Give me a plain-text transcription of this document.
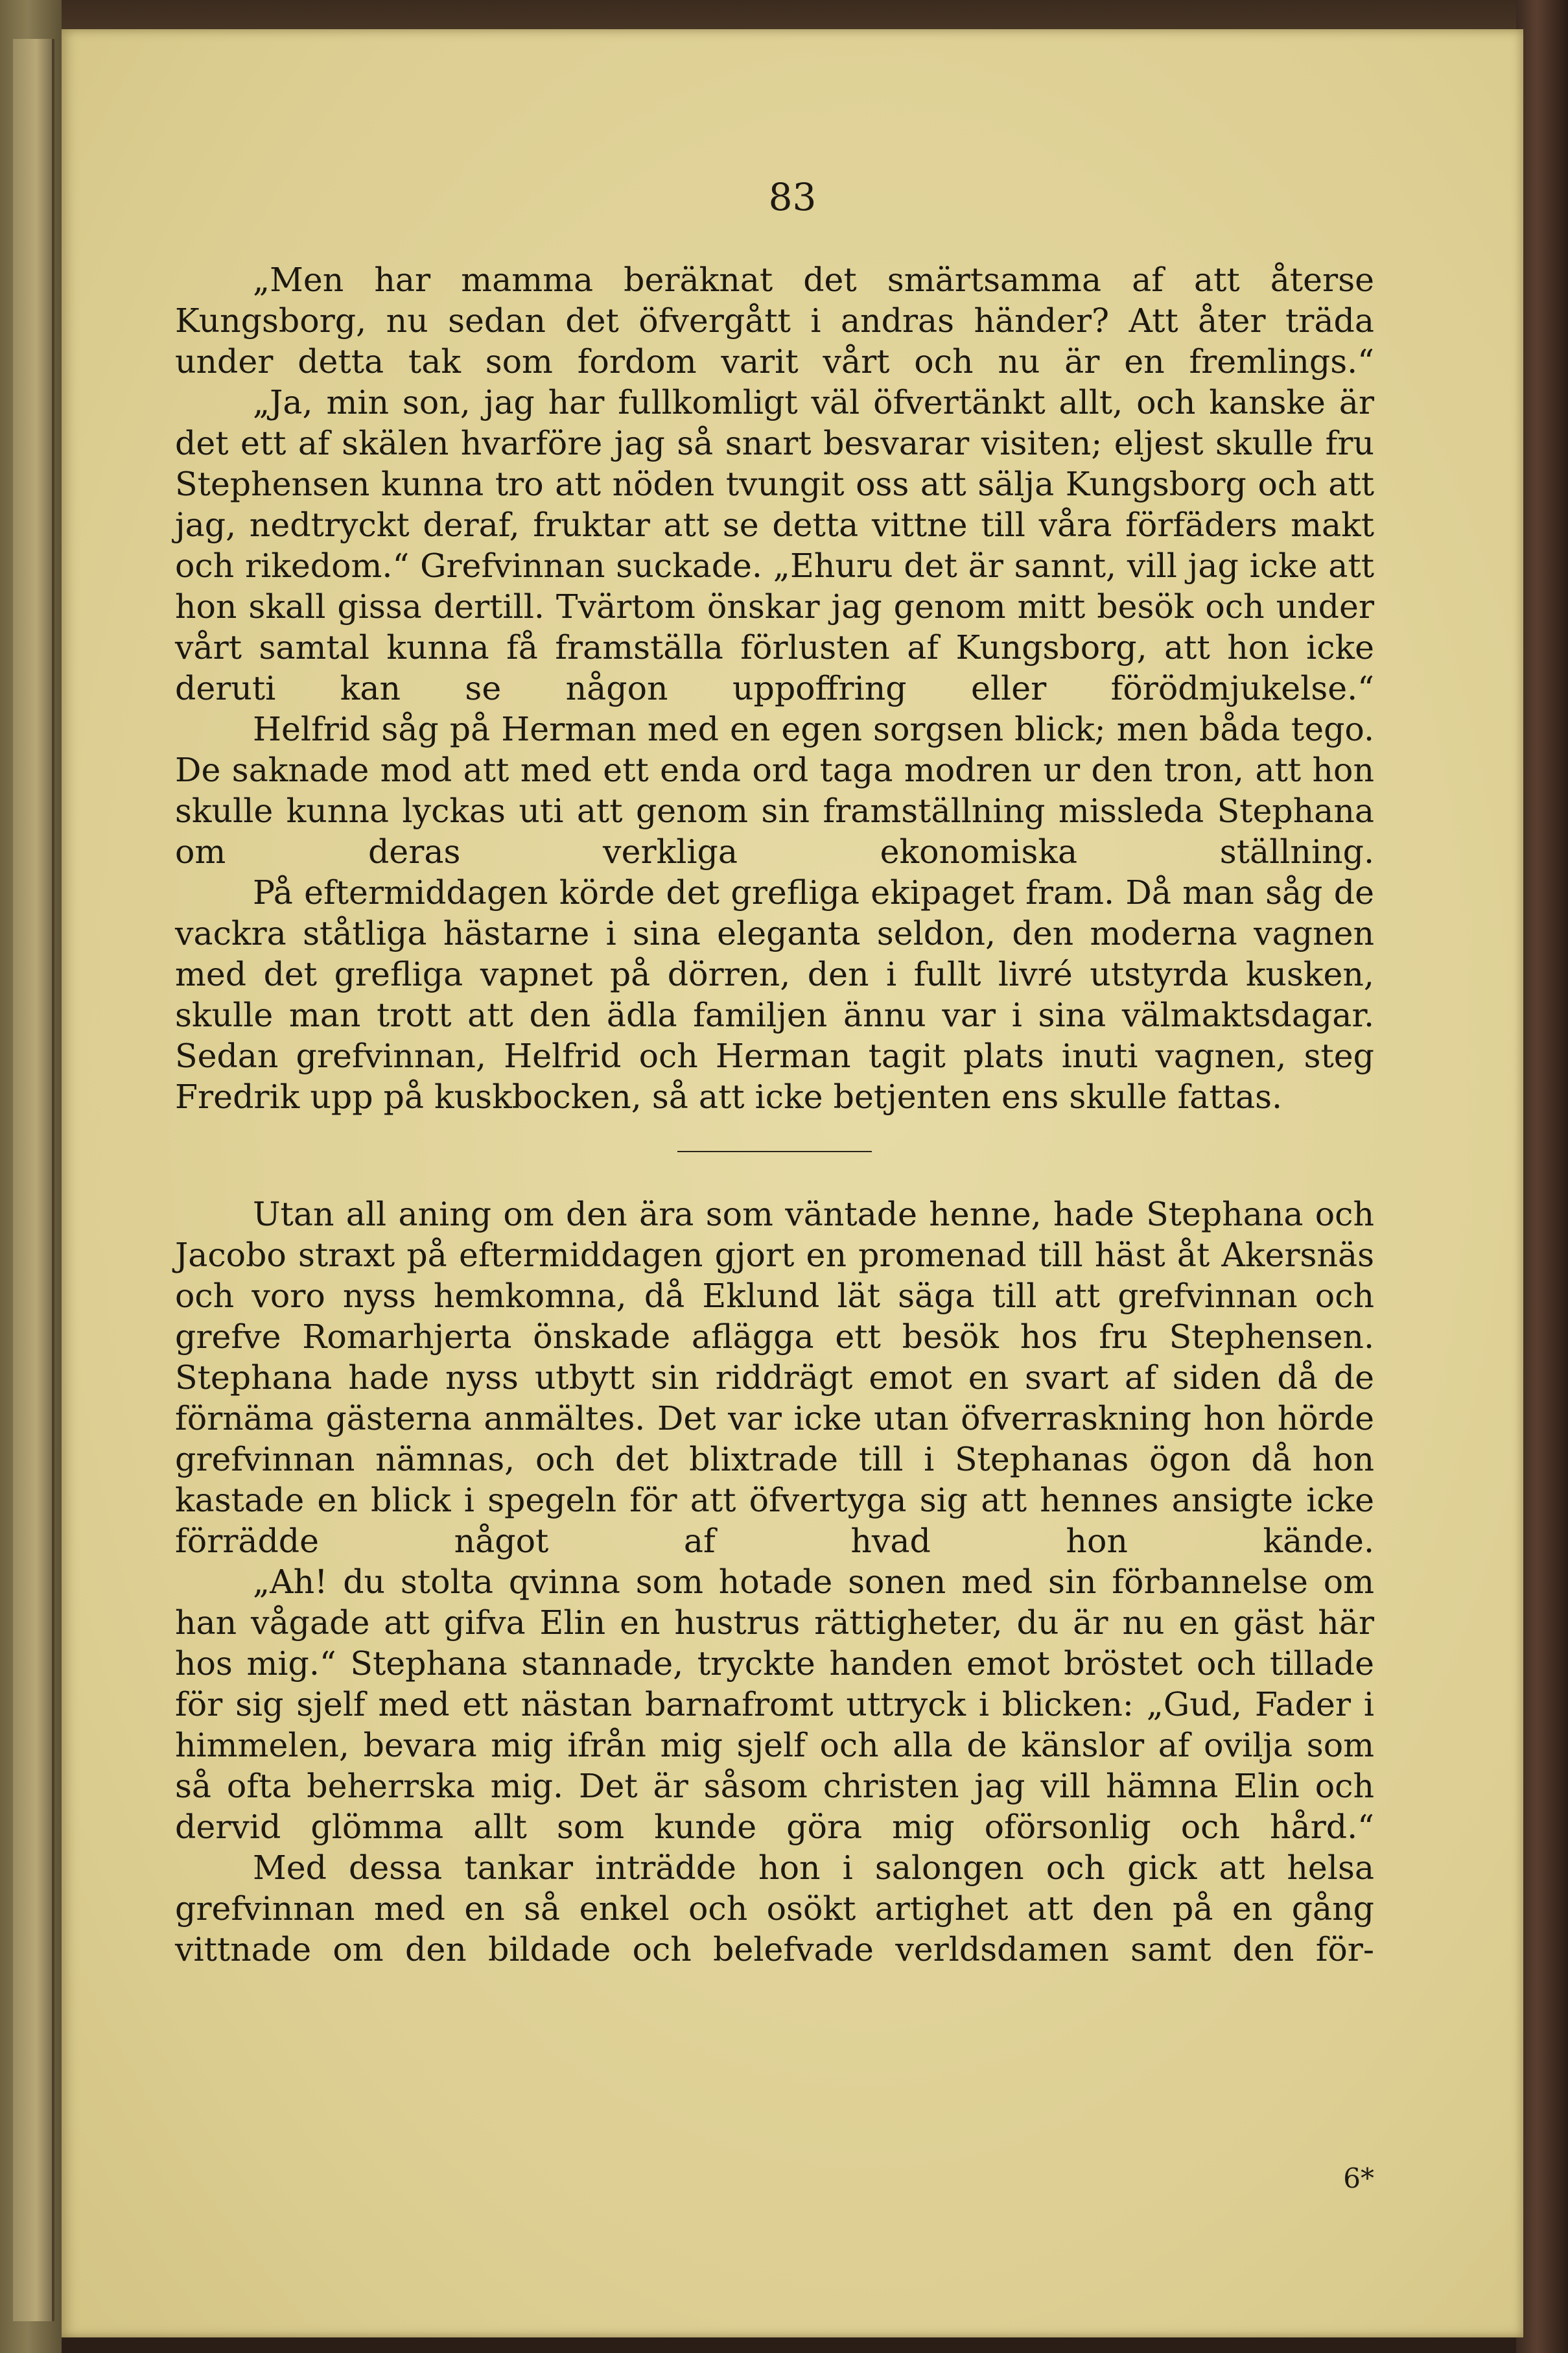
83

„Men har mamma beräknat det smärtsamma af att återse Kungsborg, nu sedan det öfvergått i andras händer? Att åter träda under detta tak som fordom varit vårt och nu är en fremlings.“

„Ja, min son, jag har fullkomligt väl öfvertänkt allt, och kanske är det ett af skälen hvarföre jag så snart besvarar visiten; eljest skulle fru Stephensen kunna tro att nöden tvungit oss att sälja Kungsborg och att jag, nedtryckt deraf, fruktar att se detta vittne till våra förfäders makt och rikedom.“ Grefvinnan suckade. „Ehuru det är sannt, vill jag icke att hon skall gissa dertill. Tvärtom önskar jag genom mitt besök och under vårt samtal kunna få framställa förlusten af Kungsborg, att hon icke deruti kan se någon uppoffring eller förödmjukelse.“

Helfrid såg på Herman med en egen sorgsen blick; men båda tego. De saknade mod att med ett enda ord taga modren ur den tron, att hon skulle kunna lyckas uti att genom sin framställning missleda Stephana om deras verkliga ekonomiska ställning.

På eftermiddagen körde det grefliga ekipaget fram. Då man såg de vackra ståtliga hästarne i sina eleganta seldon, den moderna vagnen med det grefliga vapnet på dörren, den i fullt livré utstyrda kusken, skulle man trott att den ädla familjen ännu var i sina välmaktsdagar. Sedan grefvinnan, Helfrid och Herman tagit plats inuti vagnen, steg Fredrik upp på kuskbocken, så att icke betjenten ens skulle fattas.

Utan all aning om den ära som väntade henne, hade Stephana och Jacobo straxt på eftermiddagen gjort en promenad till häst åt Akersnäs och voro nyss hemkomna, då Eklund lät säga till att grefvinnan och grefve Romarhjerta önskade aflägga ett besök hos fru Stephensen. Stephana hade nyss utbytt sin riddrägt emot en svart af siden då de förnäma gästerna anmältes. Det var icke utan öfverraskning hon hörde grefvinnan nämnas, och det blixtrade till i Stephanas ögon då hon kastade en blick i spegeln för att öfvertyga sig att hennes ansigte icke förrädde något af hvad hon kände.

„Ah! du stolta qvinna som hotade sonen med sin förbannelse om han vågade att gifva Elin en hustrus rättigheter, du är nu en gäst här hos mig.“ Stephana stannade, tryckte handen emot bröstet och tillade för sig sjelf med ett nästan barnafromt uttryck i blicken: „Gud, Fader i himmelen, bevara mig ifrån mig sjelf och alla de känslor af ovilja som så ofta beherrska mig. Det är såsom christen jag vill hämna Elin och dervid glömma allt som kunde göra mig oförsonlig och hård.“

Med dessa tankar inträdde hon i salongen och gick att helsa grefvinnan med en så enkel och osökt artighet att den på en gång vittnade om den bildade och belefvade verldsdamen samt den för-

6*
